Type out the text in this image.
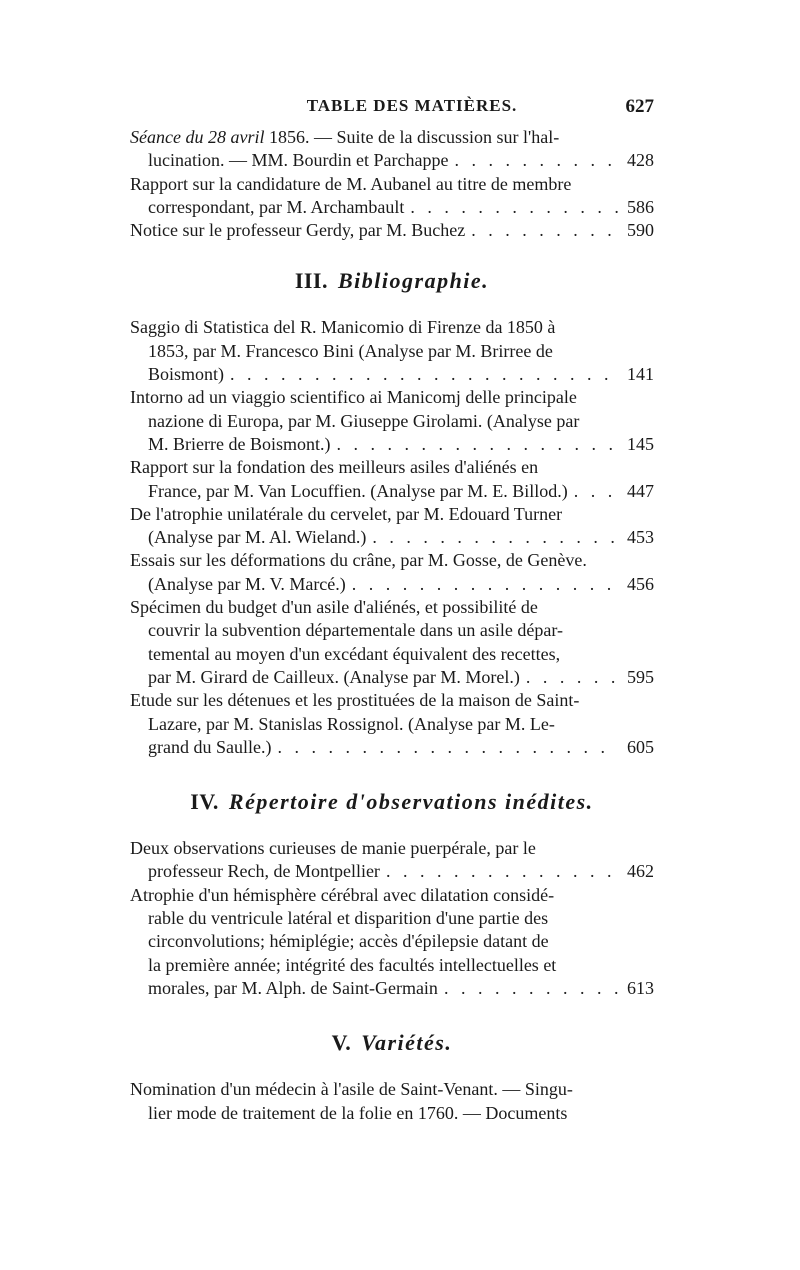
TABLE DES MATIÈRES.	627
Séance du 28 avril 1856. — Suite de la discussion sur l'hal-
lucination. — MM. Bourdin et Parchappe . . .	428
Rapport sur la candidature de M. Aubanel au titre de membre
correspondant, par M. Archambault . . .	586
Notice sur le professeur Gerdy, par M. Buchez . . .	590
III. Bibliographie.
Saggio di Statistica del R. Manicomio di Firenze da 1850 à
1853, par M. Francesco Bini (Analyse par M. Brirree de
Boismont) . . .	141
Intorno ad un viaggio scientifico ai Manicomj delle principale
nazione di Europa, par M. Giuseppe Girolami. (Analyse par
M. Brierre de Boismont.) . . .	145
Rapport sur la fondation des meilleurs asiles d'aliénés en
France, par M. Van Locuffien. (Analyse par M. E. Billod.) . . .	447
De l'atrophie unilatérale du cervelet, par M. Edouard Turner
(Analyse par M. Al. Wieland.) . . .	453
Essais sur les déformations du crâne, par M. Gosse, de Genève.
(Analyse par M. V. Marcé.) . . .	456
Spécimen du budget d'un asile d'aliénés, et possibilité de
couvrir la subvention départementale dans un asile dépar-
temental au moyen d'un excédant équivalent des recettes,
par M. Girard de Cailleux. (Analyse par M. Morel.) . . .	595
Etude sur les détenues et les prostituées de la maison de Saint-
Lazare, par M. Stanislas Rossignol. (Analyse par M. Le-
grand du Saulle.) . . .	605
IV. Répertoire d'observations inédites.
Deux observations curieuses de manie puerpérale, par le
professeur Rech, de Montpellier . . .	462
Atrophie d'un hémisphère cérébral avec dilatation considé-
rable du ventricule latéral et disparition d'une partie des
circonvolutions; hémiplégie; accès d'épilepsie datant de
la première année; intégrité des facultés intellectuelles et
morales, par M. Alph. de Saint-Germain . . .	613
V. Variétés.
Nomination d'un médecin à l'asile de Saint-Venant. — Singu-
lier mode de traitement de la folie en 1760. — Documents
